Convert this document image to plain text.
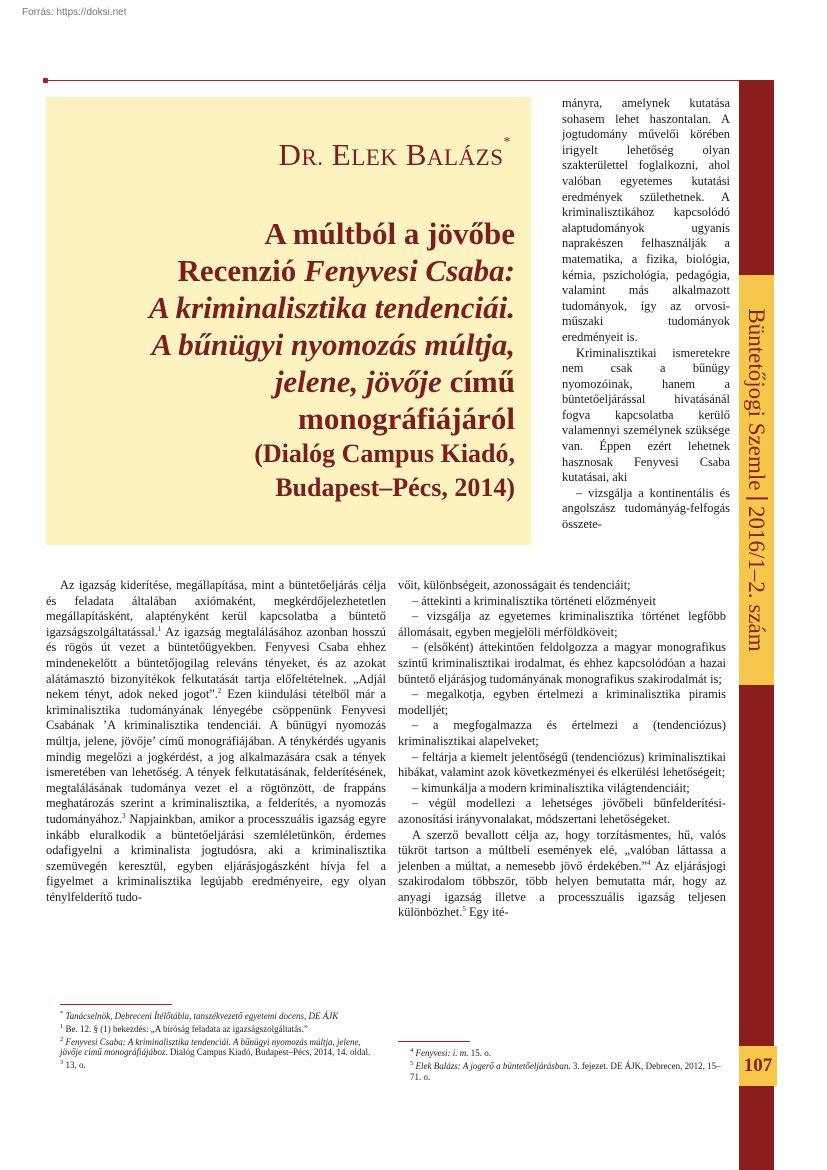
Forrás: https://doksi.net
DR. ELEK BALÁZS*
A múltból a jövőbe
Recenzió Fenyvesi Csaba:
A kriminalisztika tendenciái.
A bűnügyi nyomozás múltja,
jelene, jövője című
monográfiájáról
(Dialóg Campus Kiadó,
Budapest–Pécs, 2014)

mányra, amelynek kutatása sohasem lehet haszontalan. A jogtudomány művelői körében irigyelt lehetőség olyan szakterülettel foglalkozni, ahol valóban egyetemes kutatási eredmények születhetnek. A kriminalisztikához kapcsolódó alaptudományok ugyanis naprakészen felhasználják a matematika, a fizika, biológia, kémia, pszichológia, pedagógia, valamint más alkalmazott tudományok, így az orvosi-műszaki tudományok eredményeit is.

Kriminalisztikai ismeretekre nem csak a bűnügy nyomozóinak, hanem a büntetőeljárással hivatásánál fogva kapcsolatba kerülő valamennyi személynek szüksége van. Éppen ezért lehetnek hasznosak Fenyvesi Csaba kutatásai, aki

– vizsgálja a kontinentális és angolszász tudományág-felfogás összete-

Az igazság kiderítése, megállapítása, mint a büntetőeljárás célja és feladata általában axiómaként, megkérdőjelezhetetlen megállapításként, alaptényként kerül kapcsolatba a büntető igazságszolgáltatással.$^1$ Az igazság megtalálásához azonban hosszú és rögös út vezet a büntetőügyekben. Fenyvesi Csaba ehhez mindenekelőtt a büntetőjogilag releváns tényeket, és az azokat alátámasztó bizonyítékok felkutatását tartja előfeltételnek. „Adjál nekem tényt, adok neked jogot”.$^2$ Ezen kiindulási tételből már a kriminalisztika tudományának lényegébe csöppenünk Fenyvesi Csabának ’A kriminalisztika tendenciái. A bűnügyi nyomozás múltja, jelene, jövője’ című monográfiájában. A ténykérdés ugyanis mindig megelőzi a jogkérdést, a jog alkalmazására csak a tények ismeretében van lehetőség. A tények felkutatásának, felderítésének, megtalálásának tudománya vezet el a rögtönzött, de frappáns meghatározás szerint a kriminalisztika, a felderítés, a nyomozás tudományához.$^3$ Napjainkban, amikor a processzuális igazság egyre inkább eluralkodik a büntetőeljárási szemléletünkön, érdemes odafigyelni a kriminalista jogtudósra, aki a kriminalisztika szemüvegén keresztül, egyben eljárásjogászként hívja fel a figyelmet a kriminalisztika legújabb eredményeire, egy olyan ténylfelderítő tudo-

vőit, különbségeit, azonosságait és tendenciáit;

– áttekinti a kriminalisztika történeti előzményeit

– vizsgálja az egyetemes kriminalisztika történet legfőbb állomásait, egyben megjelöli mérföldköveit;

– (elsőként) áttekintően feldolgozza a magyar monografikus szintű kriminalisztikai irodalmat, és ehhez kapcsolódóan a hazai büntető eljárásjog tudományának monografikus szakirodalmát is;

– megalkotja, egyben értelmezi a kriminalisztika piramis modelljét;

– a megfogalmazza és értelmezi a (tendenciózus) kriminalisztikai alapelveket;

– feltárja a kiemelt jelentőségű (tendenciózus) kriminalisztikai hibákat, valamint azok következményei és elkerülési lehetőségeit;

– kimunkálja a modern kriminalisztika világtendenciáit;

– végül modellezi a lehetséges jövőbeli bűnfelderítési-azonosítási irányvonalakat, módszertani lehetőségeket.

A szerző bevallott célja az, hogy torzításmentes, hű, valós tükröt tartson a múltbeli események elé, „valóban láttassa a jelenben a múltat, a nemesebb jövő érdekében.”$^4$ Az eljárásjogi szakirodalom többször, több helyen bemutatta már, hogy az anyagi igazság illetve a processzuális igazság teljesen különbözhet.$^5$ Egy ité-

Büntetőjogi Szemle2016/1–2. szám
107

* Tanácselnök, Debreceni Ítélőtábla, tanszékvezető egyetemi docens, DE ÁJK

$^1$ Be. 12. § (1) bekezdés: „A bíróság feladata az igazságszolgáltatás.”

$^2$ Fenyvesi Csaba: A kriminalisztika tendenciái. A bűnügyi nyomozás múltja, jelene, jövője című monográfiájáboz. Dialóg Campus Kiadó, Budapest–Pécs, 2014, 14. oldal.

$^3$ 13. o.

$^4$ Fenyvesi: i. m. 15. o.

$^5$ Elek Balázs: A jogerő a büntetőeljárásban. 3. fejezet. DE ÁJK, Debrecen, 2012, 15–71. o.
